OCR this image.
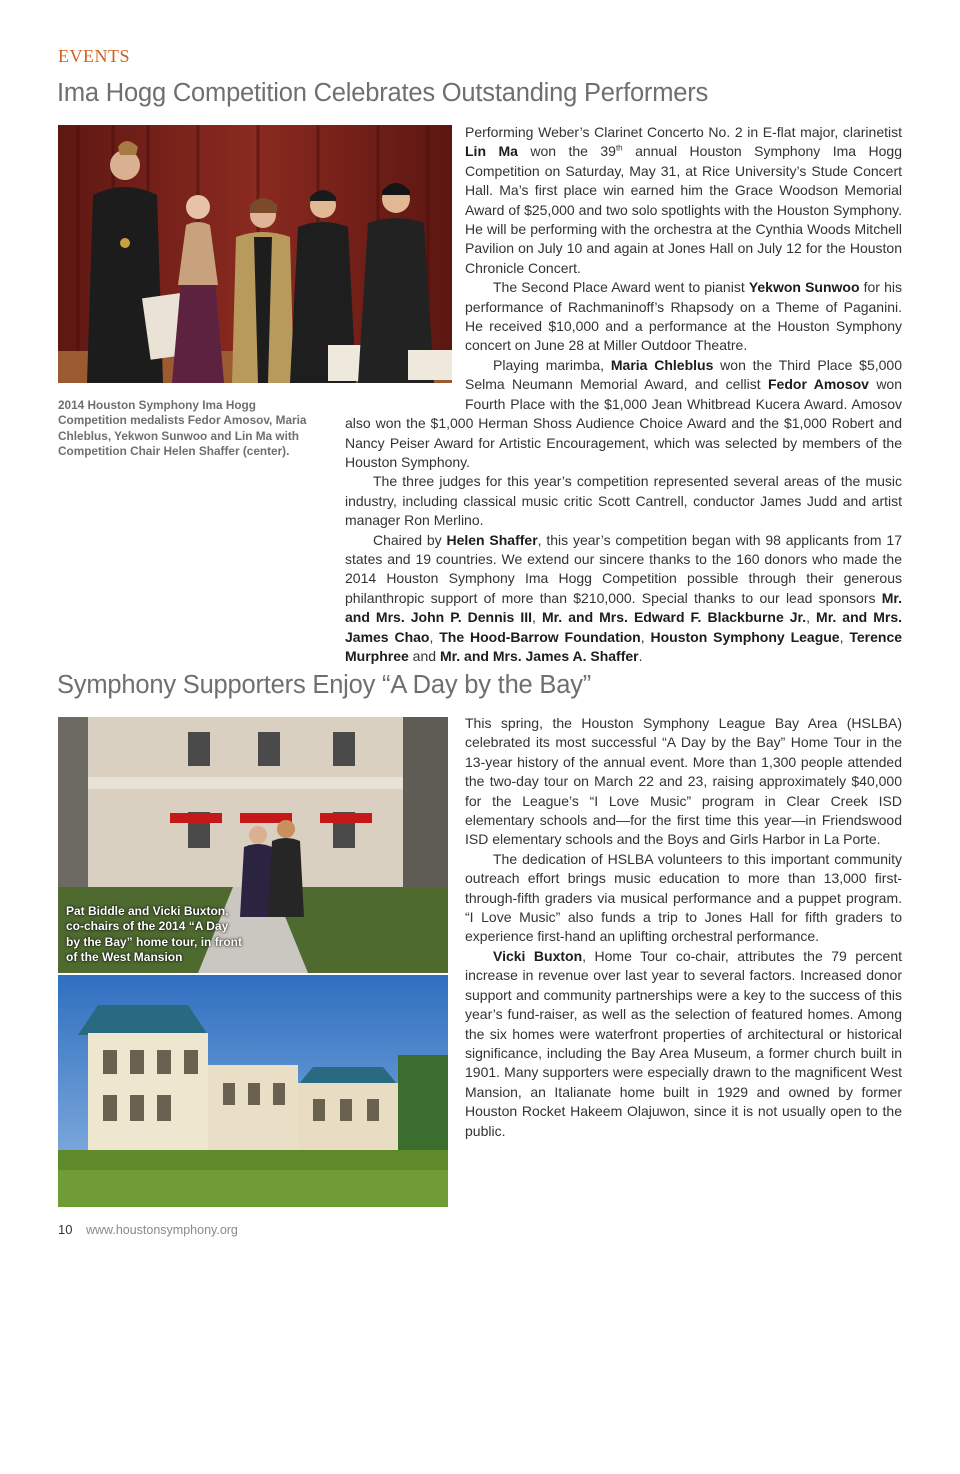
EVENTS
Ima Hogg Competition Celebrates Outstanding Performers
2014 Houston Symphony Ima Hogg Competition medalists Fedor Amosov, Maria Chleblus, Yekwon Sunwoo and Lin Ma with Competition Chair Helen Shaffer (center).

Performing Weber’s Clarinet Concerto No. 2 in E-flat major, clarinetist Lin Ma won the 39th annual Houston Symphony Ima Hogg Competition on Saturday, May 31, at Rice University’s Stude Concert Hall. Ma’s first place win earned him the Grace Woodson Memorial Award of $25,000 and two solo spotlights with the Houston Symphony. He will be performing with the orchestra at the Cynthia Woods Mitchell Pavilion on July 10 and again at Jones Hall on July 12 for the Houston Chronicle Concert.

The Second Place Award went to pianist Yekwon Sunwoo for his performance of Rachmaninoff’s Rhapsody on a Theme of Paganini. He received $10,000 and a performance at the Houston Symphony concert on June 28 at Miller Outdoor Theatre.

Playing marimba, Maria Chleblus won the Third Place $5,000 Selma Neumann Memorial Award, and cellist Fedor Amosov won Fourth Place with the $1,000 Jean Whitbread Kucera Award. Amosov also won the $1,000 Herman Shoss Audience Choice Award and the $1,000 Robert and Nancy Peiser Award for Artistic Encouragement, which was selected by members of the Houston Symphony.

The three judges for this year’s competition represented several areas of the music industry, including classical music critic Scott Cantrell, conductor James Judd and artist manager Ron Merlino.

Chaired by Helen Shaffer, this year’s competition began with 98 applicants from 17 states and 19 countries. We extend our sincere thanks to the 160 donors who made the 2014 Houston Symphony Ima Hogg Competition possible through their generous philanthropic support of more than $210,000. Special thanks to our lead sponsors Mr. and Mrs. John P. Dennis III, Mr. and Mrs. Edward F. Blackburne Jr., Mr. and Mrs. James Chao, The Hood-Barrow Foundation, Houston Symphony League, Terence Murphree and Mr. and Mrs. James A. Shaffer.

Symphony Supporters Enjoy “A Day by the Bay”
Pat Biddle and Vicki Buxton, co-chairs of the 2014 “A Day by the Bay” home tour, in front of the West Mansion

This spring, the Houston Symphony League Bay Area (HSLBA) celebrated its most successful “A Day by the Bay” Home Tour in the 13-year history of the annual event. More than 1,300 people attended the two-day tour on March 22 and 23, raising approximately $40,000 for the League’s “I Love Music” program in Clear Creek ISD elementary schools and—for the first time this year—in Friendswood ISD elementary schools and the Boys and Girls Harbor in La Porte.

The dedication of HSLBA volunteers to this important community outreach effort brings music education to more than 13,000 first- through-fifth graders via musical performance and a puppet program. “I Love Music” also funds a trip to Jones Hall for fifth graders to experience first-hand an uplifting orchestral performance.

Vicki Buxton, Home Tour co-chair, attributes the 79 percent increase in revenue over last year to several factors. Increased donor support and community partnerships were a key to the success of this year’s fund-raiser, as well as the selection of featured homes. Among the six homes were waterfront properties of architectural or historical significance, including the Bay Area Museum, a former church built in 1901. Many supporters were especially drawn to the magnificent West Mansion, an Italianate home built in 1929 and owned by former Houston Rocket Hakeem Olajuwon, since it is not usually open to the public.

10 www.houstonsymphony.org
